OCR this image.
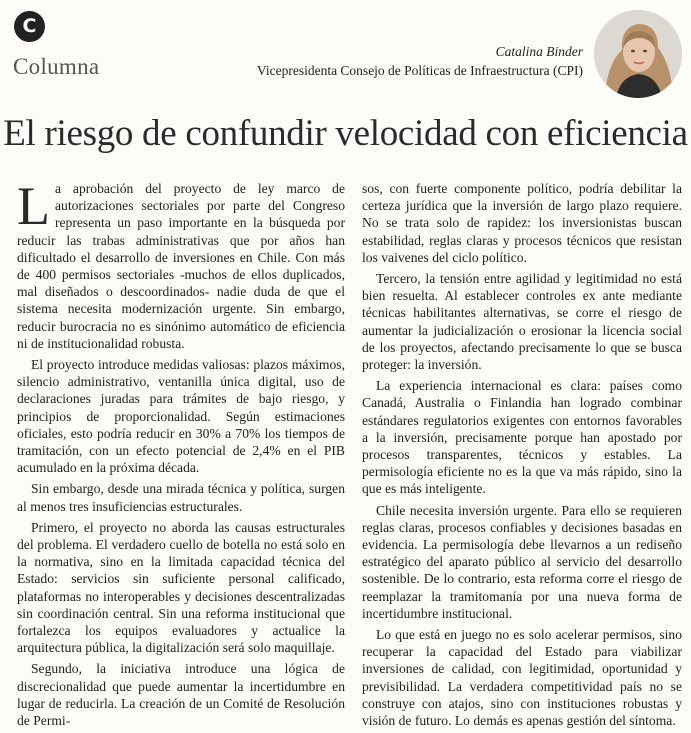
C
Columna
Catalina Binder
Vicepresidenta Consejo de Políticas de Infraestructura (CPI)
El riesgo de confundir velocidad con eficiencia

La aprobación del proyecto de ley marco de autorizaciones sectoriales por parte del Congreso representa un paso importante en la búsqueda por reducir las trabas administrativas que por años han dificultado el desarrollo de inversiones en Chile. Con más de 400 permisos sectoriales -muchos de ellos duplicados, mal diseñados o descoordinados- nadie duda de que el sistema necesita modernización urgente. Sin embargo, reducir burocracia no es sinónimo automático de eficiencia ni de institucionalidad robusta.

El proyecto introduce medidas valiosas: plazos máximos, silencio administrativo, ventanilla única digital, uso de declaraciones juradas para trámites de bajo riesgo, y principios de proporcionalidad. Según estimaciones oficiales, esto podría reducir en 30% a 70% los tiempos de tramitación, con un efecto potencial de 2,4% en el PIB acumulado en la próxima década.

Sin embargo, desde una mirada técnica y política, surgen al menos tres insuficiencias estructurales.

Primero, el proyecto no aborda las causas estructurales del problema. El verdadero cuello de botella no está solo en la normativa, sino en la limitada capacidad técnica del Estado: servicios sin suficiente personal calificado, plataformas no interoperables y decisiones descentralizadas sin coordinación central. Sin una reforma institucional que fortalezca los equipos evaluadores y actualice la arquitectura pública, la digitalización será solo maquillaje.

Segundo, la iniciativa introduce una lógica de discrecionalidad que puede aumentar la incertidumbre en lugar de reducirla. La creación de un Comité de Resolución de Permi-

sos, con fuerte componente político, podría debilitar la certeza jurídica que la inversión de largo plazo requiere. No se trata solo de rapidez: los inversionistas buscan estabilidad, reglas claras y procesos técnicos que resistan los vaivenes del ciclo político.

Tercero, la tensión entre agilidad y legitimidad no está bien resuelta. Al establecer controles ex ante mediante técnicas habilitantes alternativas, se corre el riesgo de aumentar la judicialización o erosionar la licencia social de los proyectos, afectando precisamente lo que se busca proteger: la inversión.

La experiencia internacional es clara: países como Canadá, Australia o Finlandia han logrado combinar estándares regulatorios exigentes con entornos favorables a la inversión, precisamente porque han apostado por procesos transparentes, técnicos y estables. La permisología eficiente no es la que va más rápido, sino la que es más inteligente.

Chile necesita inversión urgente. Para ello se requieren reglas claras, procesos confiables y decisiones basadas en evidencia. La permisología debe llevarnos a un rediseño estratégico del aparato público al servicio del desarrollo sostenible. De lo contrario, esta reforma corre el riesgo de reemplazar la tramitomanía por una nueva forma de incertidumbre institucional.

Lo que está en juego no es solo acelerar permisos, sino recuperar la capacidad del Estado para viabilizar inversiones de calidad, con legitimidad, oportunidad y previsibilidad. La verdadera competitividad país no se construye con atajos, sino con instituciones robustas y visión de futuro. Lo demás es apenas gestión del síntoma.
